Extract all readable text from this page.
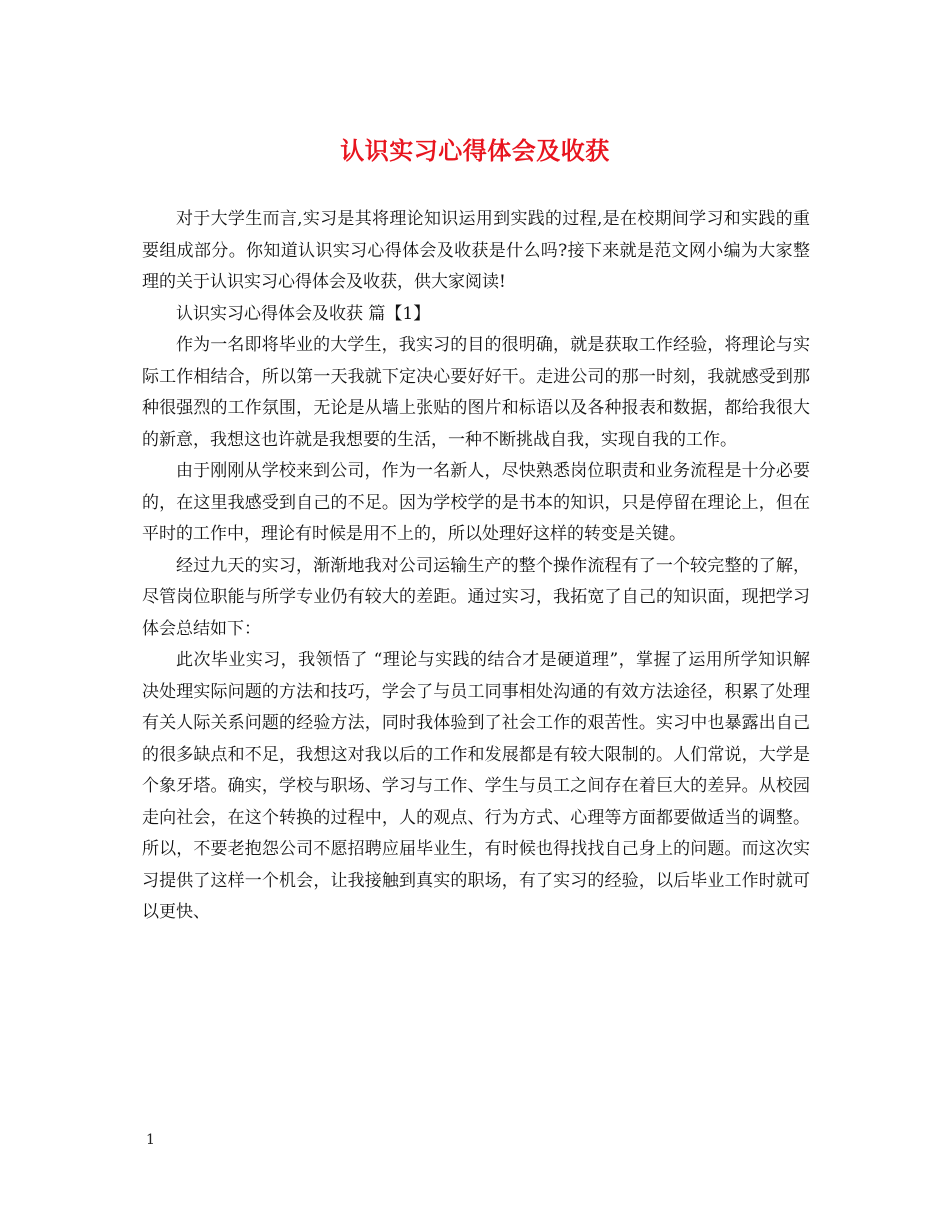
认识实习心得体会及收获

对于大学生而言,实习是其将理论知识运用到实践的过程,是在校期间学习和实践的重要组成部分。你知道认识实习心得体会及收获是什么吗?接下来就是范文网小编为大家整理的关于认识实习心得体会及收获，供大家阅读!

认识实习心得体会及收获 篇【1】

作为一名即将毕业的大学生，我实习的目的很明确，就是获取工作经验，将理论与实际工作相结合，所以第一天我就下定决心要好好干。走进公司的那一时刻，我就感受到那种很强烈的工作氛围，无论是从墙上张贴的图片和标语以及各种报表和数据，都给我很大的新意，我想这也许就是我想要的生活，一种不断挑战自我，实现自我的工作。

由于刚刚从学校来到公司，作为一名新人，尽快熟悉岗位职责和业务流程是十分必要的，在这里我感受到自己的不足。因为学校学的是书本的知识，只是停留在理论上，但在平时的工作中，理论有时候是用不上的，所以处理好这样的转变是关键。

经过九天的实习，渐渐地我对公司运输生产的整个操作流程有了一个较完整的了解，尽管岗位职能与所学专业仍有较大的差距。通过实习，我拓宽了自己的知识面，现把学习体会总结如下：

此次毕业实习，我领悟了 “理论与实践的结合才是硬道理”，掌握了运用所学知识解决处理实际问题的方法和技巧，学会了与员工同事相处沟通的有效方法途径，积累了处理有关人际关系问题的经验方法，同时我体验到了社会工作的艰苦性。实习中也暴露出自己的很多缺点和不足，我想这对我以后的工作和发展都是有较大限制的。人们常说，大学是个象牙塔。确实，学校与职场、学习与工作、学生与员工之间存在着巨大的差异。从校园走向社会，在这个转换的过程中，人的观点、行为方式、心理等方面都要做适当的调整。所以，不要老抱怨公司不愿招聘应届毕业生，有时候也得找找自己身上的问题。而这次实习提供了这样一个机会，让我接触到真实的职场，有了实习的经验，以后毕业工作时就可以更快、

1
